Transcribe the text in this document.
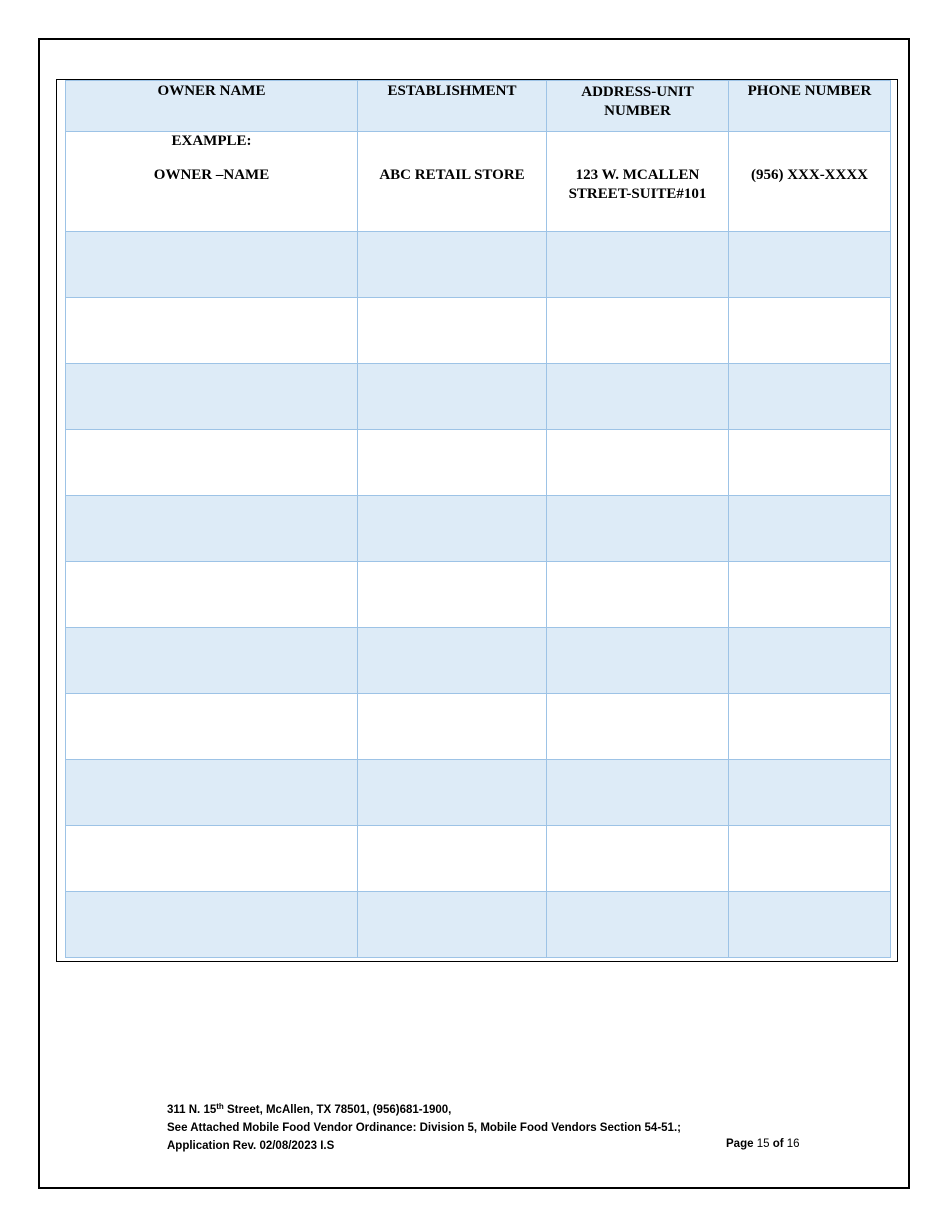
OWNER NAME	ESTABLISHMENT	ADDRESS-UNIT NUMBER	PHONE NUMBER

EXAMPLE:
OWNER –NAME	ABC RETAIL STORE	123 W. MCALLEN STREET-SUITE#101	(956) XXX-XXXX

311 N. 15th Street, McAllen, TX 78501, (956)681-1900,
See Attached Mobile Food Vendor Ordinance: Division 5, Mobile Food Vendors Section 54-51.;
Application Rev. 02/08/2023 I.S	Page 15 of 16
